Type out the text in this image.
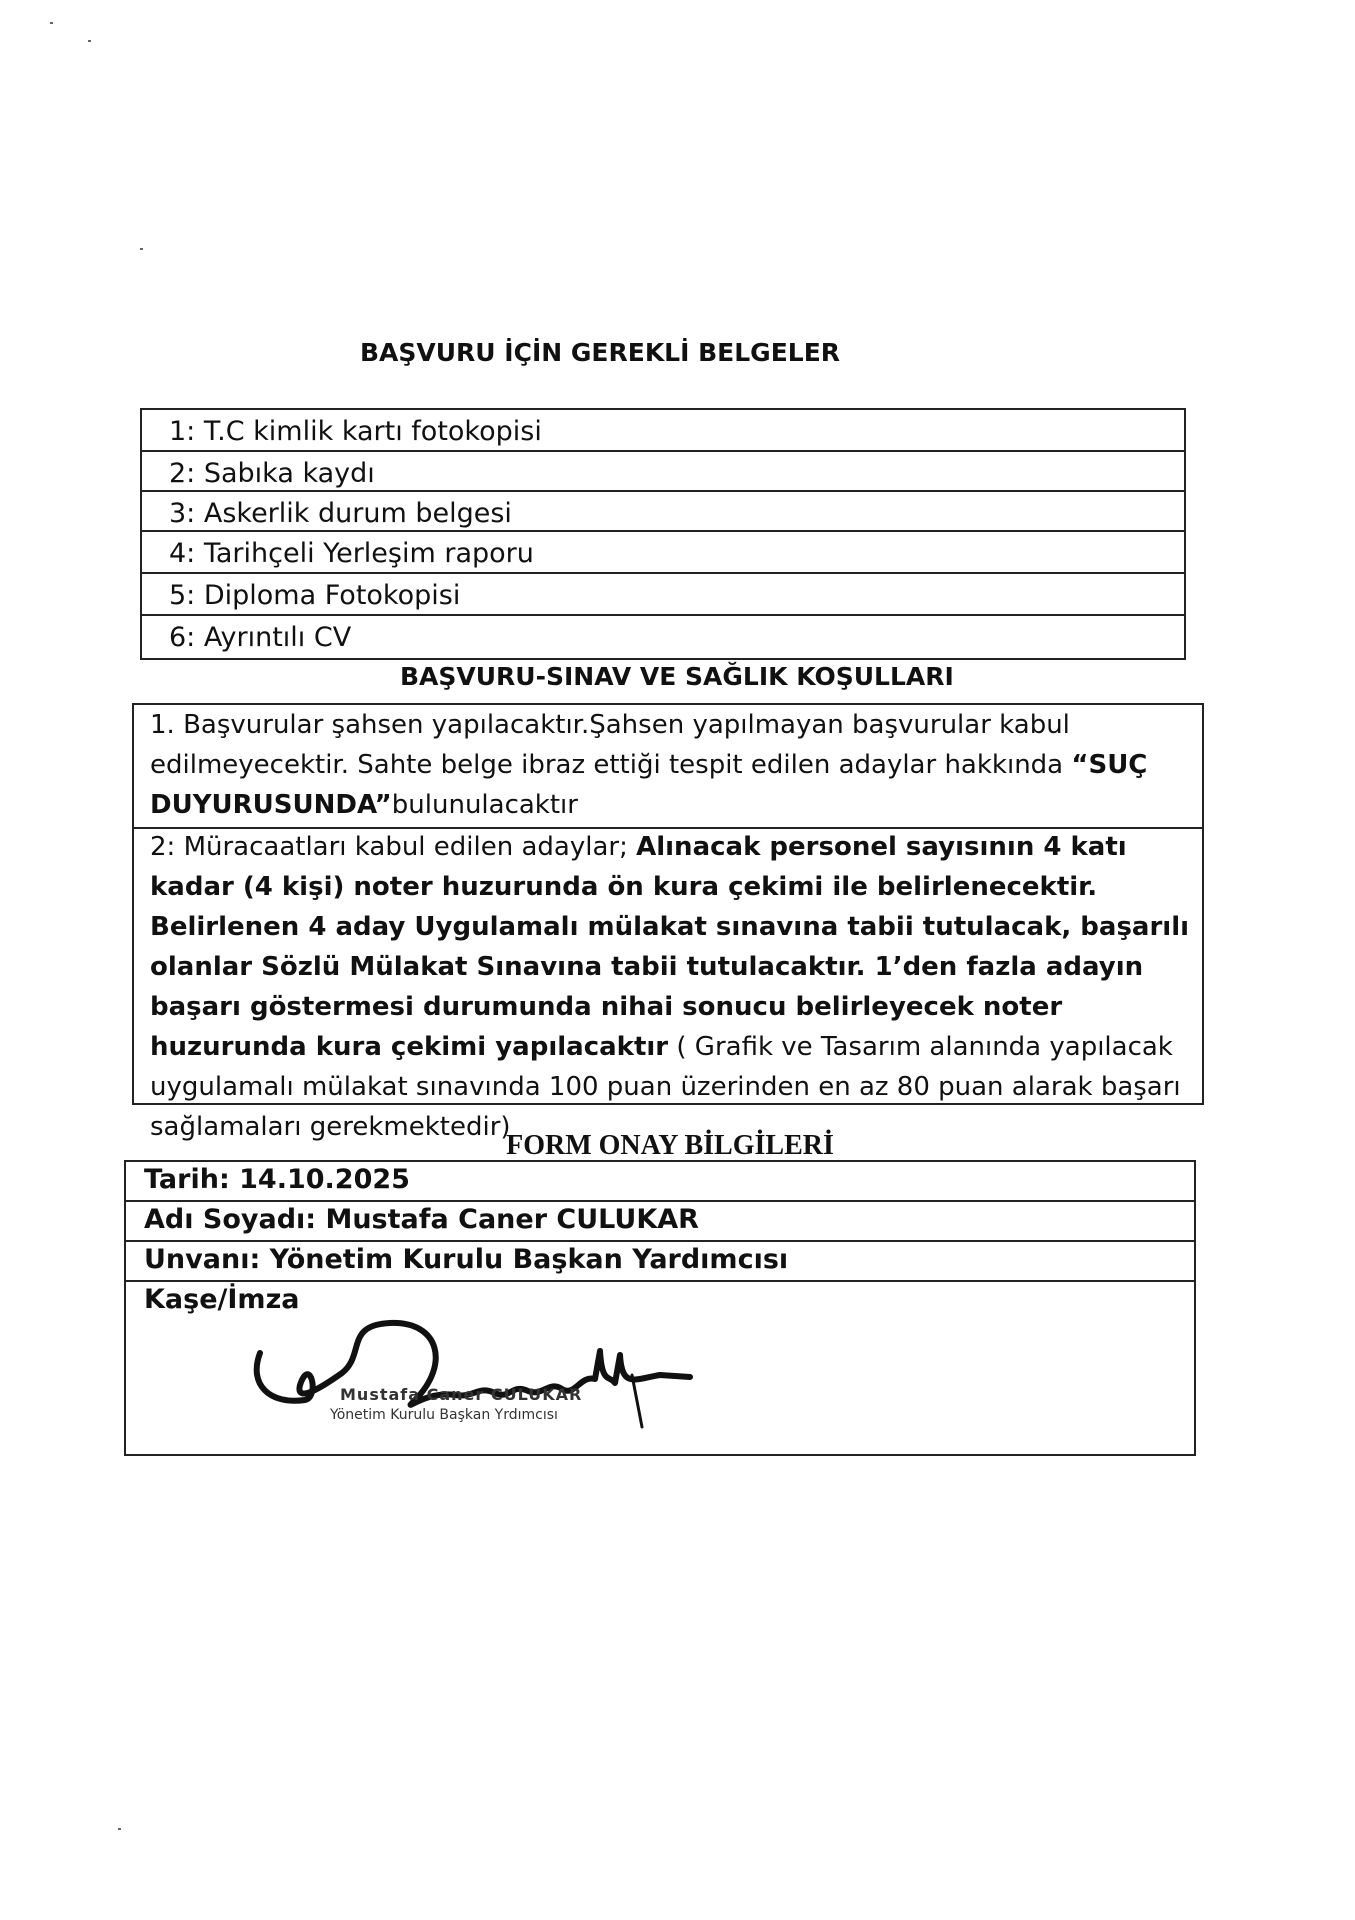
BAŞVURU İÇİN GEREKLİ BELGELER
1: T.C kimlik kartı fotokopisi
2: Sabıka kaydı
3: Askerlik durum belgesi
4: Tarihçeli Yerleşim raporu
5: Diploma Fotokopisi
6: Ayrıntılı CV
BAŞVURU-SINAV VE SAĞLIK KOŞULLARI
1. Başvurular şahsen yapılacaktır.Şahsen yapılmayan başvurular kabul edilmeyecektir. Sahte belge ibraz ettiği tespit edilen adaylar hakkında “SUÇ DUYURUSUNDA”bulunulacaktır
2: Müracaatları kabul edilen adaylar; Alınacak personel sayısının 4 katı kadar (4 kişi) noter huzurunda ön kura çekimi ile belirlenecektir. Belirlenen 4 aday Uygulamalı mülakat sınavına tabii tutulacak, başarılı olanlar Sözlü Mülakat Sınavına tabii tutulacaktır. 1’den fazla adayın başarı göstermesi durumunda nihai sonucu belirleyecek noter huzurunda kura çekimi yapılacaktır ( Grafik ve Tasarım alanında yapılacak uygulamalı mülakat sınavında 100 puan üzerinden en az 80 puan alarak başarı sağlamaları gerekmektedir)
FORM ONAY BİLGİLERİ
Tarih: 14.10.2025
Adı Soyadı: Mustafa Caner CULUKAR
Unvanı: Yönetim Kurulu Başkan Yardımcısı
Kaşe/İmza
Mustafa Caner CULUKAR
Yönetim Kurulu Başkan Yrdımcısı
